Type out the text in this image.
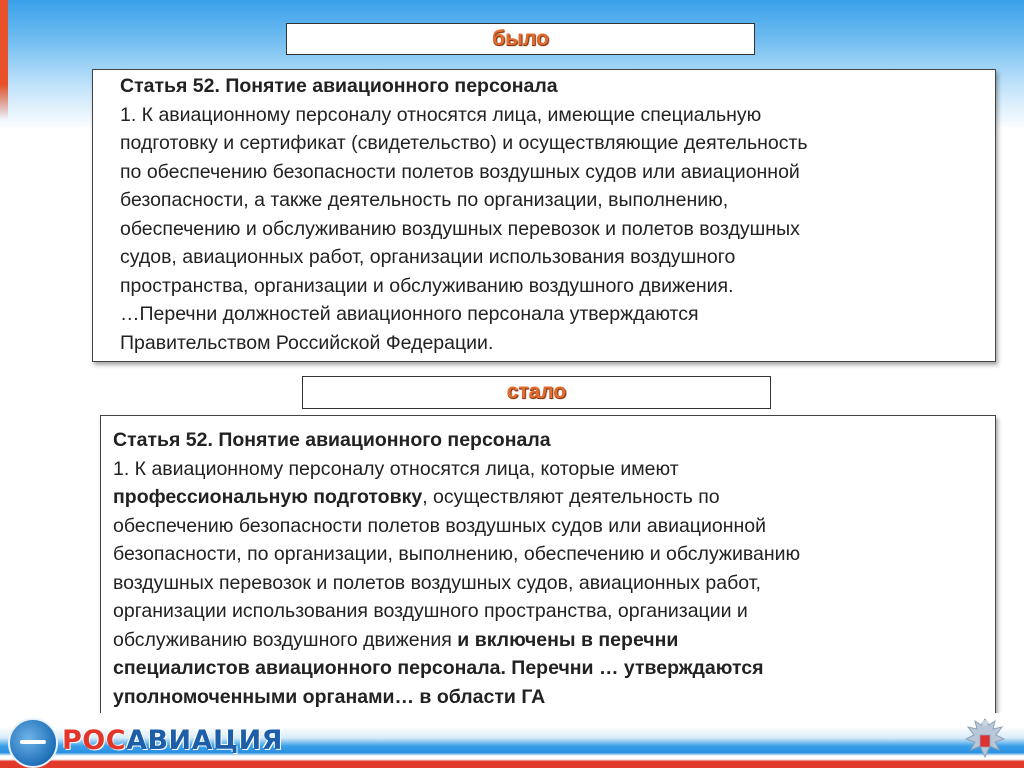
было
Статья 52. Понятие авиационного персонала
1. К авиационному персоналу относятся лица, имеющие специальную
подготовку и сертификат (свидетельство) и осуществляющие деятельность
по обеспечению безопасности полетов воздушных судов или авиационной
безопасности, а также деятельность по организации, выполнению,
обеспечению и обслуживанию воздушных перевозок и полетов воздушных
судов, авиационных работ, организации использования воздушного
пространства, организации и обслуживанию воздушного движения.
…Перечни должностей авиационного персонала утверждаются
Правительством Российской Федерации.
стало
Статья 52. Понятие авиационного персонала
1. К авиационному персоналу относятся лица, которые имеют
профессиональную подготовку, осуществляют деятельность по
обеспечению безопасности полетов воздушных судов или авиационной
безопасности, по организации, выполнению, обеспечению и обслуживанию
воздушных перевозок и полетов воздушных судов, авиационных работ,
организации использования воздушного пространства, организации и
обслуживанию воздушного движения и включены в перечни
специалистов авиационного персонала. Перечни … утверждаются
уполномоченными органами… в области ГА
РОСАВИАЦИЯ
